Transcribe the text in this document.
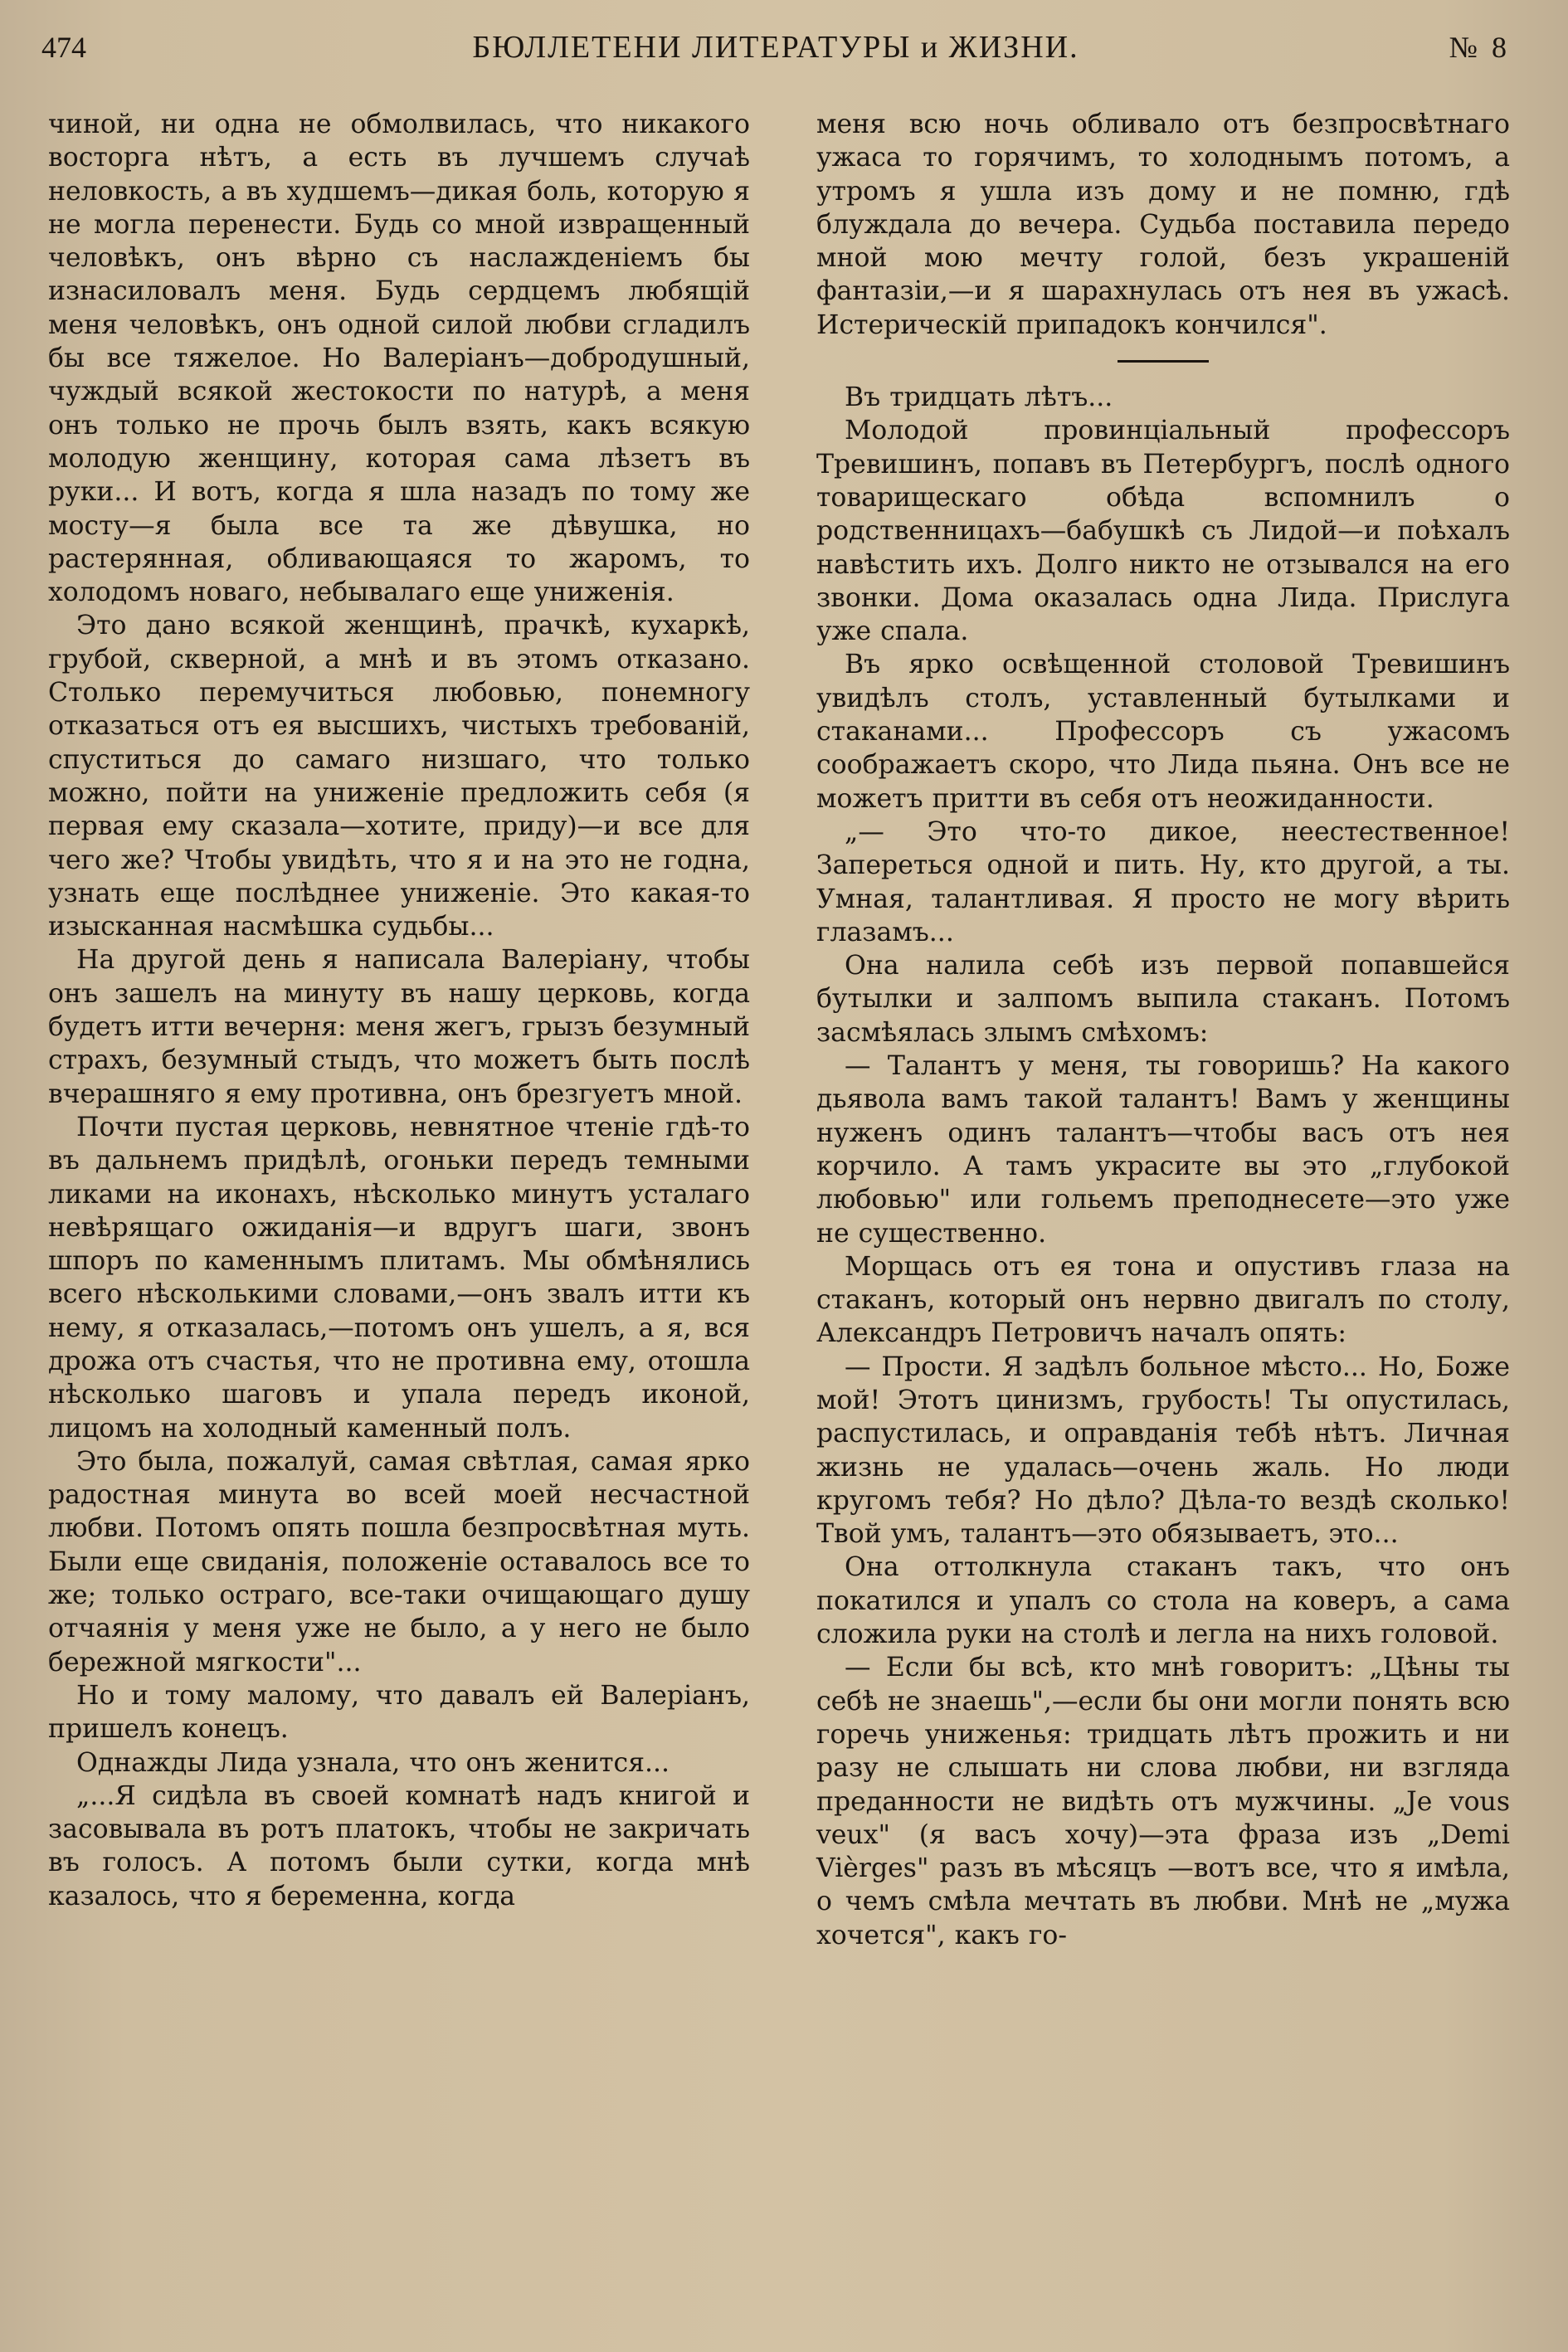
474	БЮЛЛЕТЕНИ ЛИТЕРАТУРЫ и ЖИЗНИ.	№ 8

чиной, ни одна не обмолвилась, что никакого восторга нѣтъ, а есть въ лучшемъ случаѣ неловкость, а въ худшемъ—дикая боль, которую я не могла перенести. Будь со мной извращенный человѣкъ, онъ вѣрно съ наслажденіемъ бы изнасиловалъ меня. Будь сердцемъ любящій меня человѣкъ, онъ одной силой любви сгладилъ бы все тяжелое. Но Валеріанъ—добродушный, чуждый всякой жестокости по натурѣ, а меня онъ только не прочь былъ взять, какъ всякую молодую женщину, которая сама лѣзетъ въ руки... И вотъ, когда я шла назадъ по тому же мосту—я была все та же дѣвушка, но растерянная, обливающаяся то жаромъ, то холодомъ новаго, небывалаго еще униженія.

Это дано всякой женщинѣ, прачкѣ, кухаркѣ, грубой, скверной, а мнѣ и въ этомъ отказано. Столько перемучиться любовью, понемногу отказаться отъ ея высшихъ, чистыхъ требованій, спуститься до самаго низшаго, что только можно, пойти на униженіе предложить себя (я первая ему сказала—хотите, приду)—и все для чего же? Чтобы увидѣть, что я и на это не годна, узнать еще послѣднее униженіе. Это какая-то изысканная насмѣшка судьбы...

На другой день я написала Валеріану, чтобы онъ зашелъ на минуту въ нашу церковь, когда будетъ итти вечерня: меня жегъ, грызъ безумный страхъ, безумный стыдъ, что можетъ быть послѣ вчерашняго я ему противна, онъ брезгуетъ мной.

Почти пустая церковь, невнятное чтеніе гдѣ-то въ дальнемъ придѣлѣ, огоньки передъ темными ликами на иконахъ, нѣсколько минутъ усталаго невѣрящаго ожиданія—и вдругъ шаги, звонъ шпоръ по каменнымъ плитамъ. Мы обмѣнялись всего нѣсколькими словами,—онъ звалъ итти къ нему, я отказалась,—потомъ онъ ушелъ, а я, вся дрожа отъ счастья, что не противна ему, отошла нѣсколько шаговъ и упала передъ иконой, лицомъ на холодный каменный полъ.

Это была, пожалуй, самая свѣтлая, самая ярко радостная минута во всей моей несчастной любви. Потомъ опять пошла безпросвѣтная муть. Были еще свиданія, положеніе оставалось все то же; только остраго, все-таки очищающаго душу отчаянія у меня уже не было, а у него не было бережной мягкости"...

Но и тому малому, что давалъ ей Валеріанъ, пришелъ конецъ.

Однажды Лида узнала, что онъ женится...

„...Я сидѣла въ своей комнатѣ надъ книгой и засовывала въ ротъ платокъ, чтобы не закричать въ голосъ. А потомъ были сутки, когда мнѣ казалось, что я беременна, когда

меня всю ночь обливало отъ безпросвѣтнаго ужаса то горячимъ, то холоднымъ потомъ, а утромъ я ушла изъ дому и не помню, гдѣ блуждала до вечера. Судьба поставила передо мной мою мечту голой, безъ украшеній фантазіи,—и я шарахнулась отъ нея въ ужасѣ. Истерическій припадокъ кончился".

Въ тридцать лѣтъ...

Молодой провинціальный профессоръ Тревишинъ, попавъ въ Петербургъ, послѣ одного товарищескаго обѣда вспомнилъ о родственницахъ—бабушкѣ съ Лидой—и поѣхалъ навѣстить ихъ. Долго никто не отзывался на его звонки. Дома оказалась одна Лида. Прислуга уже спала.

Въ ярко освѣщенной столовой Тревишинъ увидѣлъ столъ, уставленный бутылками и стаканами... Профессоръ съ ужасомъ соображаетъ скоро, что Лида пьяна. Онъ все не можетъ притти въ себя отъ неожиданности.

„— Это что-то дикое, неестественное! Запереться одной и пить. Ну, кто другой, а ты. Умная, талантливая. Я просто не могу вѣрить глазамъ...

Она налила себѣ изъ первой попавшейся бутылки и залпомъ выпила стаканъ. Потомъ засмѣялась злымъ смѣхомъ:

— Талантъ у меня, ты говоришь? На какого дьявола вамъ такой талантъ! Вамъ у женщины нуженъ одинъ талантъ—чтобы васъ отъ нея корчило. А тамъ украсите вы это „глубокой любовью" или гольемъ преподнесете—это уже не существенно.

Морщась отъ ея тона и опустивъ глаза на стаканъ, который онъ нервно двигалъ по столу, Александръ Петровичъ началъ опять:

— Прости. Я задѣлъ больное мѣсто... Но, Боже мой! Этотъ цинизмъ, грубость! Ты опустилась, распустилась, и оправданія тебѣ нѣтъ. Личная жизнь не удалась—очень жаль. Но люди кругомъ тебя? Но дѣло? Дѣла-то вездѣ сколько! Твой умъ, талантъ—это обязываетъ, это...

Она оттолкнула стаканъ такъ, что онъ покатился и упалъ со стола на коверъ, а сама сложила руки на столѣ и легла на нихъ головой.

— Если бы всѣ, кто мнѣ говоритъ: „Цѣны ты себѣ не знаешь",—если бы они могли понять всю горечь униженья: тридцать лѣтъ прожить и ни разу не слышать ни слова любви, ни взгляда преданности не видѣть отъ мужчины. „Je vous veux" (я васъ хочу)—эта фраза изъ „Demi Vièrges" разъ въ мѣсяцъ —вотъ все, что я имѣла, о чемъ смѣла мечтать въ любви. Мнѣ не „мужа хочется", какъ го-
